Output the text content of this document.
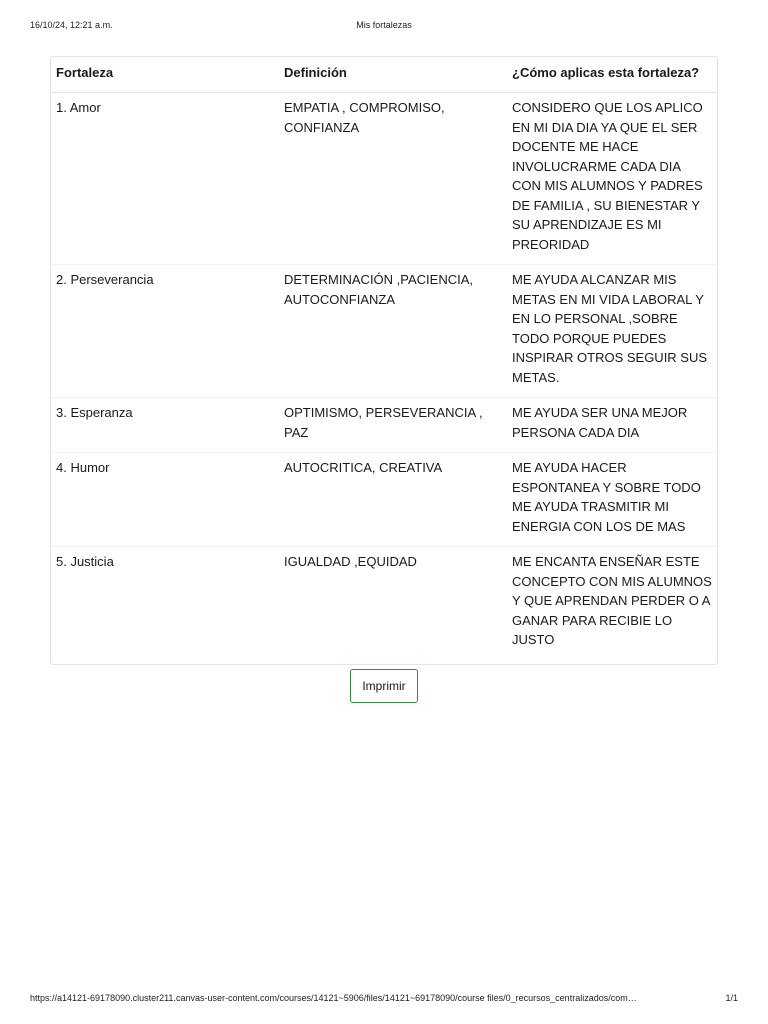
16/10/24, 12:21 a.m.	Mis fortalezas
Fortaleza	Definición	¿Cómo aplicas esta fortaleza?
1. Amor	EMPATIA , COMPROMISO, CONFIANZA	CONSIDERO QUE LOS APLICO EN MI DIA DIA YA QUE EL SER DOCENTE ME HACE INVOLUCRARME CADA DIA CON MIS ALUMNOS Y PADRES DE FAMILIA , SU BIENESTAR Y SU APRENDIZAJE ES MI PREORIDAD
2. Perseverancia	DETERMINACIÓN ,PACIENCIA, AUTOCONFIANZA	ME AYUDA ALCANZAR MIS METAS EN MI VIDA LABORAL Y EN LO PERSONAL ,SOBRE TODO PORQUE PUEDES INSPIRAR OTROS SEGUIR SUS METAS.
3. Esperanza	OPTIMISMO, PERSEVERANCIA , PAZ	ME AYUDA SER UNA MEJOR PERSONA CADA DIA
4. Humor	AUTOCRITICA, CREATIVA	ME AYUDA HACER ESPONTANEA Y SOBRE TODO ME AYUDA TRASMITIR MI ENERGIA CON LOS DE MAS
5. Justicia	IGUALDAD ,EQUIDAD	ME ENCANTA ENSEÑAR ESTE CONCEPTO CON MIS ALUMNOS Y QUE APRENDAN PERDER O A GANAR PARA RECIBIE LO JUSTO
Imprimir
https://a14121-69178090.cluster211.canvas-user-content.com/courses/14121~5906/files/14121~69178090/course files/0_recursos_centralizados/com…	1/1
